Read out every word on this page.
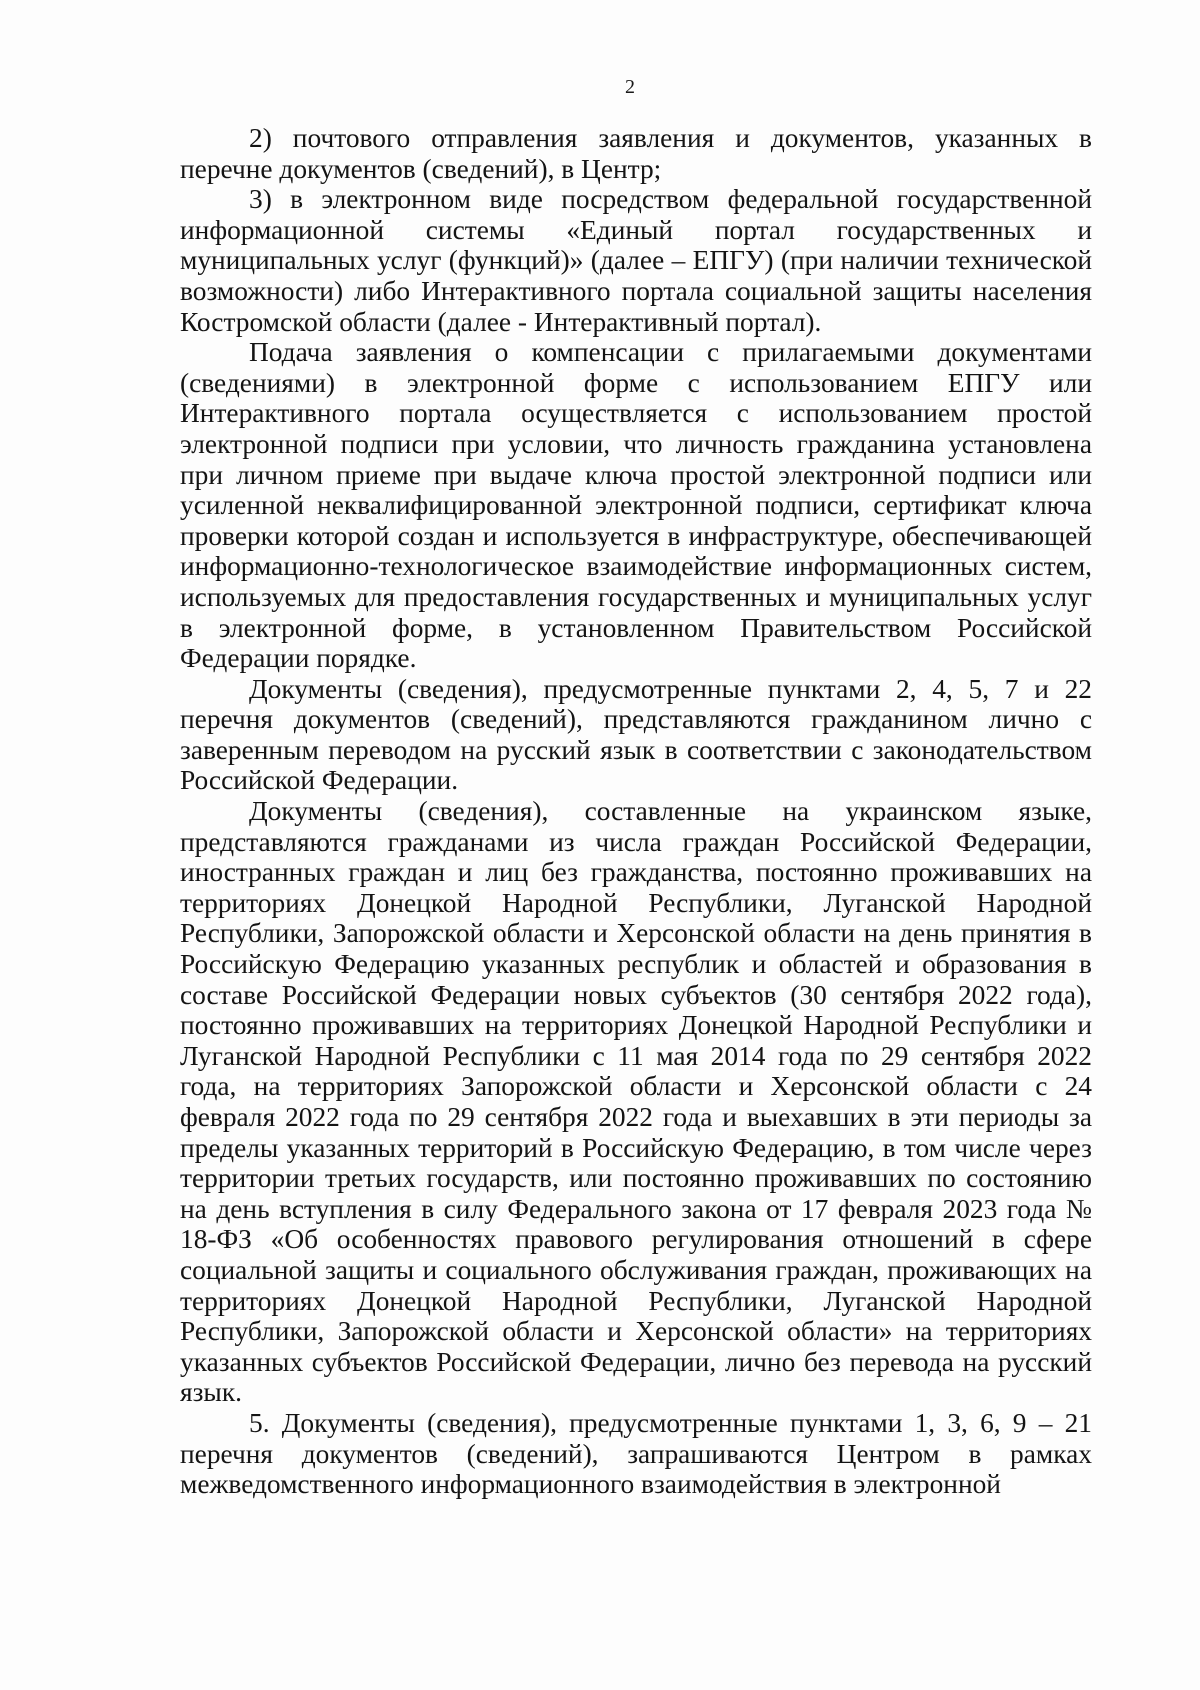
2

2) почтового отправления заявления и документов, указанных в перечне документов (сведений), в Центр;

3) в электронном виде посредством федеральной государственной информационной системы «Единый портал государственных и муниципальных услуг (функций)» (далее – ЕПГУ) (при наличии технической возможности) либо Интерактивного портала социальной защиты населения Костромской области (далее - Интерактивный портал).

Подача заявления о компенсации с прилагаемыми документами (сведениями) в электронной форме с использованием ЕПГУ или Интерактивного портала осуществляется с использованием простой электронной подписи при условии, что личность гражданина установлена при личном приеме при выдаче ключа простой электронной подписи или усиленной неквалифицированной электронной подписи, сертификат ключа проверки которой создан и используется в инфраструктуре, обеспечивающей информационно-технологическое взаимодействие информационных систем, используемых для предоставления государственных и муниципальных услуг в электронной форме, в установленном Правительством Российской Федерации порядке.

Документы (сведения), предусмотренные пунктами 2, 4, 5, 7 и 22 перечня документов (сведений), представляются гражданином лично с заверенным переводом на русский язык в соответствии с законодательством Российской Федерации.

Документы (сведения), составленные на украинском языке, представляются гражданами из числа граждан Российской Федерации, иностранных граждан и лиц без гражданства, постоянно проживавших на территориях Донецкой Народной Республики, Луганской Народной Республики, Запорожской области и Херсонской области на день принятия в Российскую Федерацию указанных республик и областей и образования в составе Российской Федерации новых субъектов (30 сентября 2022 года), постоянно проживавших на территориях Донецкой Народной Республики и Луганской Народной Республики с 11 мая 2014 года по 29 сентября 2022 года, на территориях Запорожской области и Херсонской области с 24 февраля 2022 года по 29 сентября 2022 года и выехавших в эти периоды за пределы указанных территорий в Российскую Федерацию, в том числе через территории третьих государств, или постоянно проживавших по состоянию на день вступления в силу Федерального закона от 17 февраля 2023 года № 18-ФЗ «Об особенностях правового регулирования отношений в сфере социальной защиты и социального обслуживания граждан, проживающих на территориях Донецкой Народной Республики, Луганской Народной Республики, Запорожской области и Херсонской области» на территориях указанных субъектов Российской Федерации, лично без перевода на русский язык.

5. Документы (сведения), предусмотренные пунктами 1, 3, 6, 9 – 21 перечня документов (сведений), запрашиваются Центром в рамках межведомственного информационного взаимодействия в электронной
